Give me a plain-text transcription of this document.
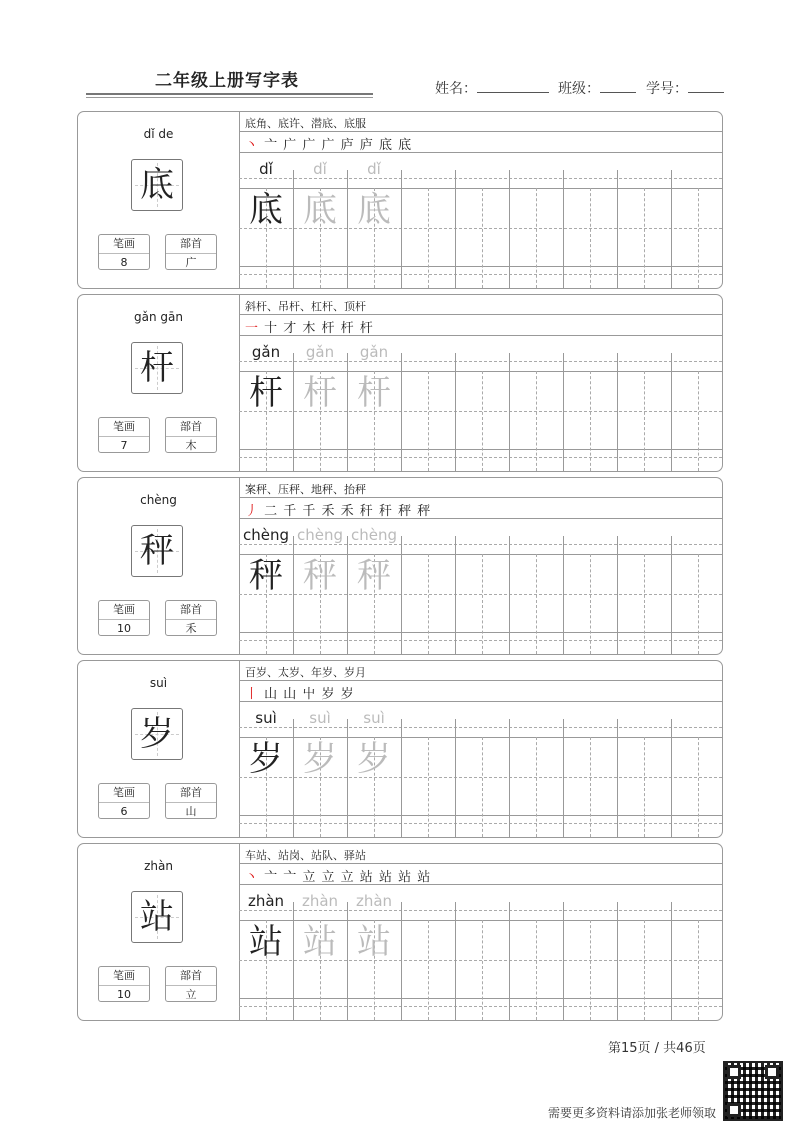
二年级上册写字表	姓名：	班级：	学号：
dǐ de
底
笔画
8
部首
广
底角、底许、潜底、底服
丶 亠 广 广 广 庐 庐 底 底
dǐ
底
dǐ
底
dǐ
底
gǎn gān
杆
笔画
7
部首
木
斜杆、吊杆、杠杆、顶杆
一 十 才 木 杆 杆 杆
gǎn
杆
gǎn
杆
gǎn
杆
chèng
秤
笔画
10
部首
禾
案秤、压秤、地秤、抬秤
丿 二 千 千 禾 禾 秆 秆 秤 秤
chèng
秤
chèng
秤
chèng
秤
suì
岁
笔画
6
部首
山
百岁、太岁、年岁、岁月
丨 山 山 屮 岁 岁
suì
岁
suì
岁
suì
岁
zhàn
站
笔画
10
部首
立
车站、站岗、站队、驿站
丶 亠 亠 立 立 立 站 站 站 站
zhàn
站
zhàn
站
zhàn
站
第15页 / 共46页
需要更多资料请添加张老师领取
